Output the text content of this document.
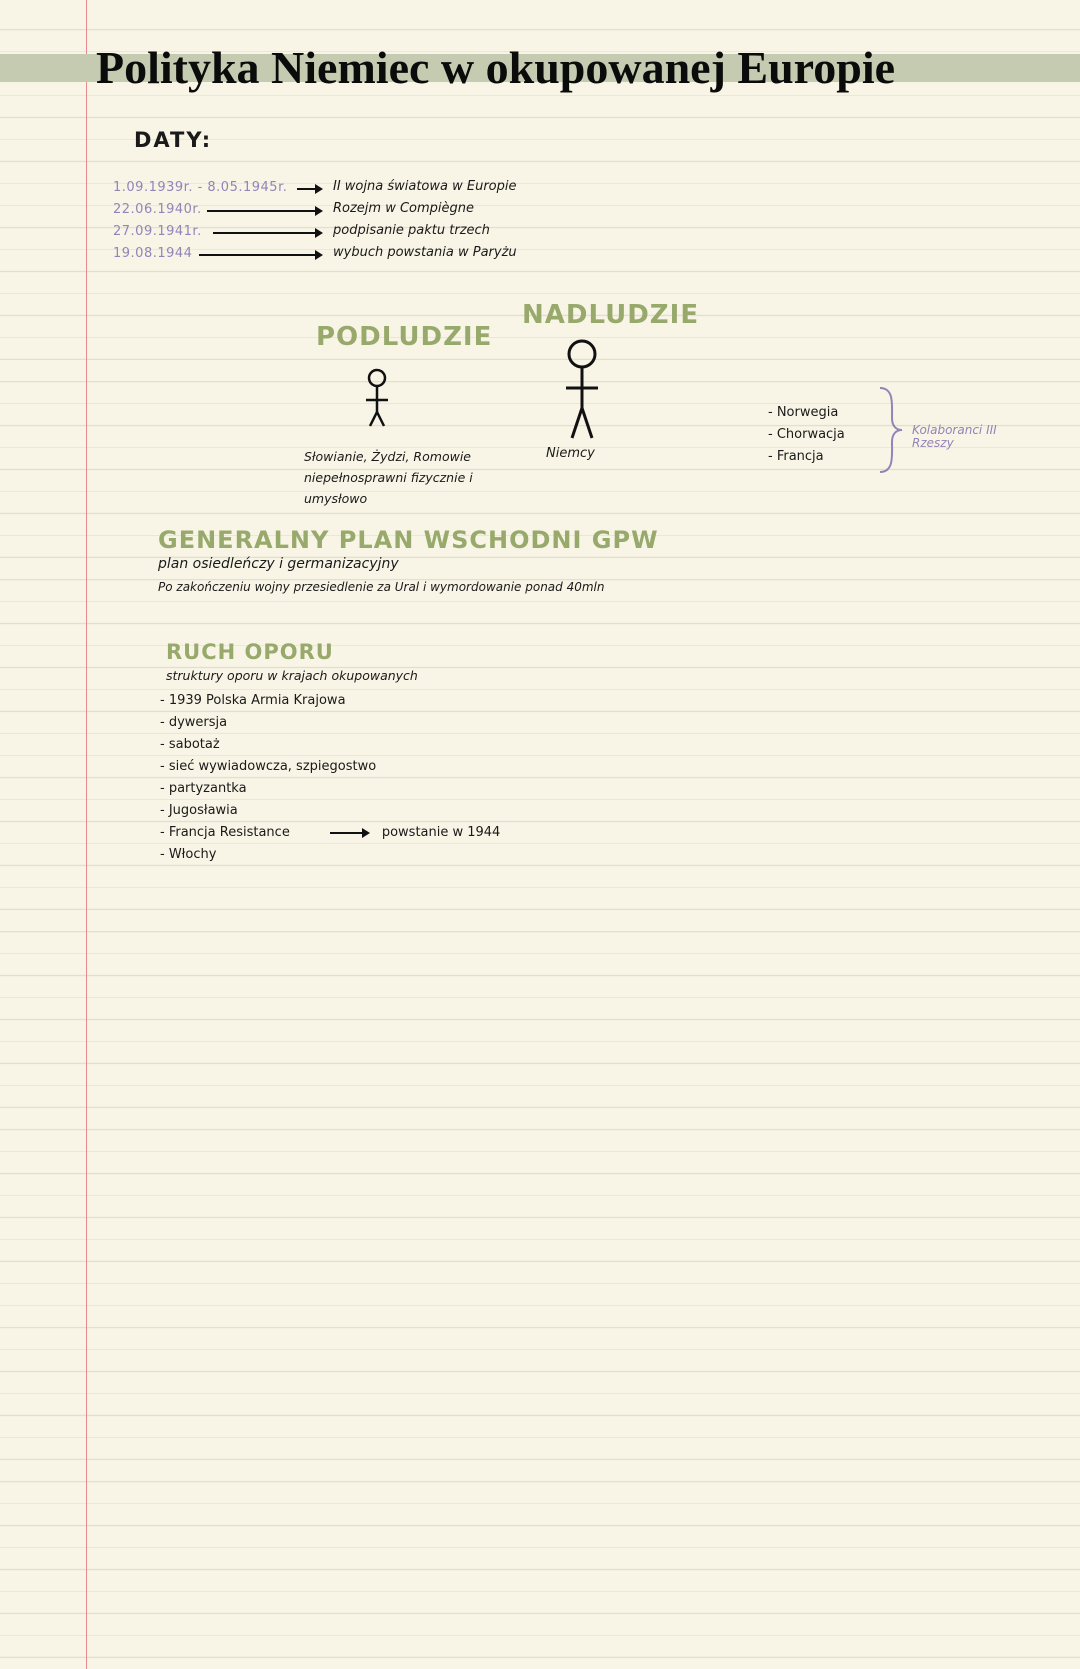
Polityka Niemiec w okupowanej Europie
DATY:
1.09.1939r. - 8.05.1945r.	II wojna światowa w Europie
22.06.1940r.	Rozejm w Compiègne
27.09.1941r.	podpisanie paktu trzech
19.08.1944	wybuch powstania w Paryżu
PODLUDZIE
NADLUDZIE
Słowianie, Żydzi, Romowie niepełnosprawni fizycznie i umysłowo
Niemcy
- Norwegia
- Chorwacja
- Francja
Kolaboranci III Rzeszy
GENERALNY PLAN WSCHODNI GPW
plan osiedleńczy i germanizacyjny
Po zakończeniu wojny przesiedlenie za Ural i wymordowanie ponad 40mln
RUCH OPORU
struktury oporu w krajach okupowanych
- 1939 Polska Armia Krajowa
- dywersja
- sabotaż
- sieć wywiadowcza, szpiegostwo
- partyzantka
- Jugosławia
- Francja Resistance	powstanie w 1944
- Włochy
